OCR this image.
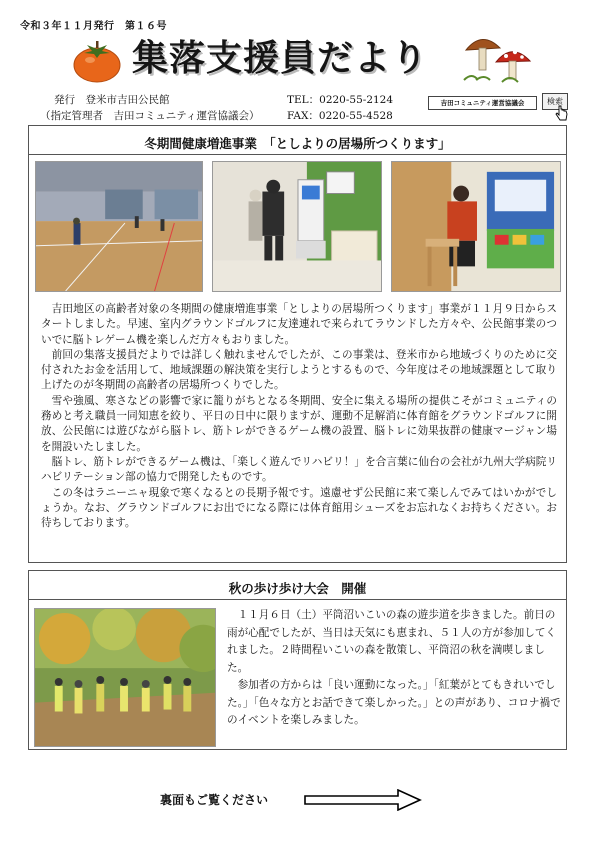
令和３年１１月発行　第１６号
集落支援員だより
発行　登米市吉田公民館
（指定管理者　吉田コミュニティ運営協議会）
TEL：0220-55-2124
FAX：0220-55-4528
吉田コミュニティ運営協議会	検索
冬期間健康増進事業　「としよりの居場所つくります」

吉田地区の高齢者対象の冬期間の健康増進事業「としよりの居場所つくります」事業が１１月９日からスタートしました。早速、室内グラウンドゴルフに友達連れで来られてラウンドした方々や、公民館事業のついでに脳トレゲーム機を楽しんだ方々もおりました。

前回の集落支援員だよりでは詳しく触れませんでしたが、この事業は、登米市から地域づくりのために交付されたお金を活用して、地域課題の解決策を実行しようとするもので、今年度はその地域課題として取り上げたのが冬期間の高齢者の居場所つくりでした。

雪や強風、寒さなどの影響で家に籠りがちとなる冬期間、安全に集える場所の提供こそがコミュニティの務めと考え職員一同知恵を絞り、平日の日中に限りますが、運動不足解消に体育館をグラウンドゴルフに開放、公民館には遊びながら脳トレ、筋トレができるゲーム機の設置、脳トレに効果抜群の健康マージャン場を開設いたしました。

脳トレ、筋トレができるゲーム機は、「楽しく遊んでリハビリ！」を合言葉に仙台の会社が九州大学病院リハビリテーション部の協力で開発したものです。

この冬はラニーニャ現象で寒くなるとの長期予報です。遠慮せず公民館に来て楽しんでみてはいかがでしょうか。なお、グラウンドゴルフにお出でになる際には体育館用シューズをお忘れなくお持ちください。お待ちしております。

秋の歩け歩け大会　開催

１１月６日（土）平筒沼いこいの森の遊歩道を歩きました。前日の雨が心配でしたが、当日は天気にも恵まれ、５１人の方が参加してくれました。２時間程いこいの森を散策し、平筒沼の秋を満喫しました。

参加者の方からは「良い運動になった。」「紅葉がとてもきれいでした。」「色々な方とお話できて楽しかった。」との声があり、コロナ禍でのイベントを楽しみました。

裏面もご覧ください
